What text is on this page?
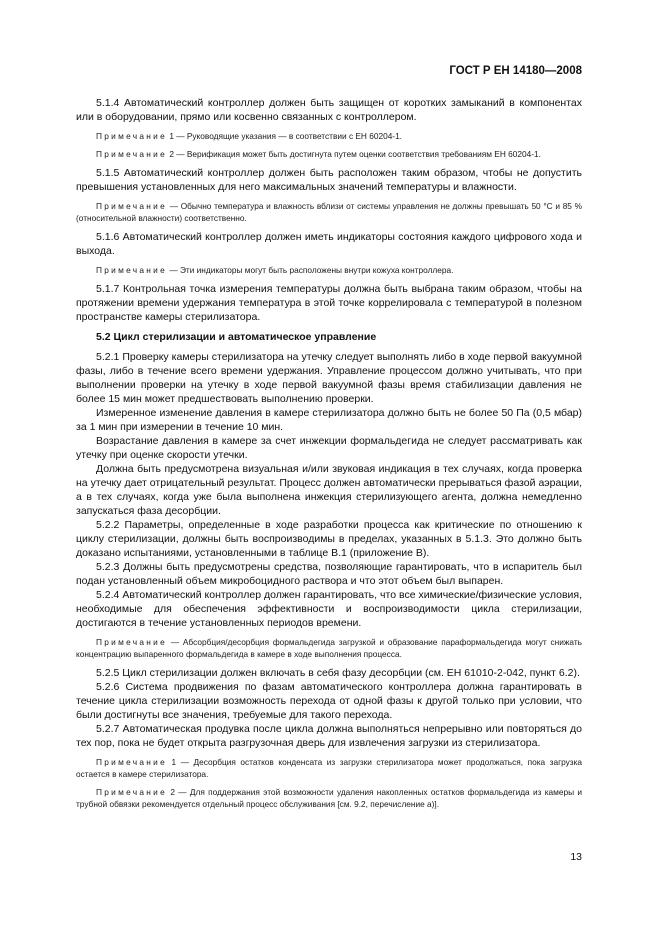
ГОСТ Р ЕН 14180—2008

5.1.4 Автоматический контроллер должен быть защищен от коротких замыканий в компонентах или в оборудовании, прямо или косвенно связанных с контроллером.

Примечание 1 — Руководящие указания — в соответствии с ЕН 60204-1.

Примечание 2 — Верификация может быть достигнута путем оценки соответствия требованиям ЕН 60204-1.

5.1.5 Автоматический контроллер должен быть расположен таким образом, чтобы не допустить превышения установленных для него максимальных значений температуры и влажности.

Примечание — Обычно температура и влажность вблизи от системы управления не должны превышать 50 °С и 85 % (относительной влажности) соответственно.

5.1.6 Автоматический контроллер должен иметь индикаторы состояния каждого цифрового хода и выхода.

Примечание — Эти индикаторы могут быть расположены внутри кожуха контроллера.

5.1.7 Контрольная точка измерения температуры должна быть выбрана таким образом, чтобы на протяжении времени удержания температура в этой точке коррелировала с температурой в полезном пространстве камеры стерилизатора.

5.2 Цикл стерилизации и автоматическое управление

5.2.1 Проверку камеры стерилизатора на утечку следует выполнять либо в ходе первой вакуумной фазы, либо в течение всего времени удержания. Управление процессом должно учитывать, что при выполнении проверки на утечку в ходе первой вакуумной фазы время стабилизации давления не более 15 мин может предшествовать выполнению проверки.

Измеренное изменение давления в камере стерилизатора должно быть не более 50 Па (0,5 мбар) за 1 мин при измерении в течение 10 мин.

Возрастание давления в камере за счет инжекции формальдегида не следует рассматривать как утечку при оценке скорости утечки.

Должна быть предусмотрена визуальная и/или звуковая индикация в тех случаях, когда проверка на утечку дает отрицательный результат. Процесс должен автоматически прерываться фазой аэрации, а в тех случаях, когда уже была выполнена инжекция стерилизующего агента, должна немедленно запускаться фаза десорбции.

5.2.2 Параметры, определенные в ходе разработки процесса как критические по отношению к циклу стерилизации, должны быть воспроизводимы в пределах, указанных в 5.1.3. Это должно быть доказано испытаниями, установленными в таблице В.1 (приложение В).

5.2.3 Должны быть предусмотрены средства, позволяющие гарантировать, что в испаритель был подан установленный объем микробоцидного раствора и что этот объем был выпарен.

5.2.4 Автоматический контроллер должен гарантировать, что все химические/физические условия, необходимые для обеспечения эффективности и воспроизводимости цикла стерилизации, достигаются в течение установленных периодов времени.

Примечание — Абсорбция/десорбция формальдегида загрузкой и образование параформальдегида могут снижать концентрацию выпаренного формальдегида в камере в ходе выполнения процесса.

5.2.5 Цикл стерилизации должен включать в себя фазу десорбции (см. ЕН 61010-2-042, пункт 6.2).

5.2.6 Система продвижения по фазам автоматического контроллера должна гарантировать в течение цикла стерилизации возможность перехода от одной фазы к другой только при условии, что были достигнуты все значения, требуемые для такого перехода.

5.2.7 Автоматическая продувка после цикла должна выполняться непрерывно или повторяться до тех пор, пока не будет открыта разгрузочная дверь для извлечения загрузки из стерилизатора.

Примечание 1 — Десорбция остатков конденсата из загрузки стерилизатора может продолжаться, пока загрузка остается в камере стерилизатора.

Примечание 2 — Для поддержания этой возможности удаления накопленных остатков формальдегида из камеры и трубной обвязки рекомендуется отдельный процесс обслуживания [см. 9.2, перечисление а)].

13
